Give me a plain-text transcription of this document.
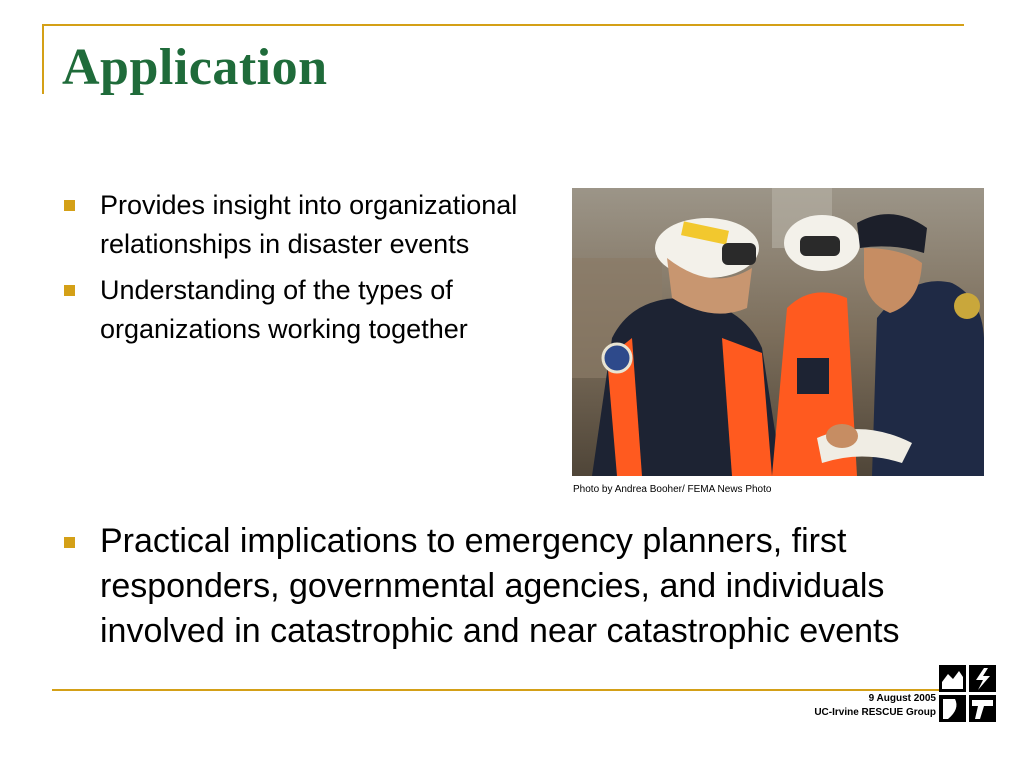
Application
Provides insight into organizational relationships in disaster events
Understanding of the types of organizations working together
Photo by Andrea Booher/ FEMA News Photo
Practical implications to emergency planners, first responders, governmental agencies, and individuals involved in catastrophic and near catastrophic events
9 August 2005
UC-Irvine RESCUE Group
